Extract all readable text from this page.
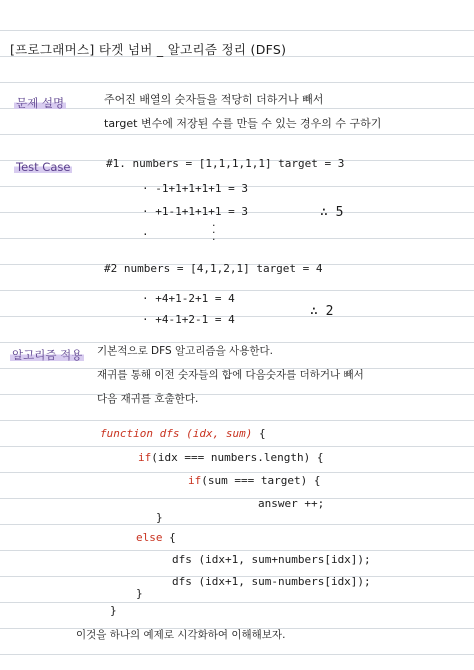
[프로그래머스] 타겟 넘버 _ 알고리즘 정리 (DFS)
문제 설명	주어진 배열의 숫자들을 적당히 더하거나 빼서
target 변수에 저장된 수를 만들 수 있는 경우의 수 구하기
Test Case	#1. numbers = [1,1,1,1,1] target = 3
· -1+1+1+1+1 = 3
· +1-1+1+1+1 = 3
·
·
·
·
∴ 5
#2 numbers = [4,1,2,1] target = 4
· +4+1-2+1 = 4
· +4-1+2-1 = 4
∴ 2
알고리즘 적용 기본적으로 DFS 알고리즘을 사용한다.
재귀를 통해 이전 숫자들의 합에 다음숫자를 더하거나 빼서
다음 재귀를 호출한다.
function dfs (idx, sum) {
if(idx === numbers.length) {
if(sum === target) {
answer ++;
}
else {
dfs (idx+1, sum+numbers[idx]);
dfs (idx+1, sum-numbers[idx]);
}
}
이것을 하나의 예제로 시각화하여 이해해보자.
